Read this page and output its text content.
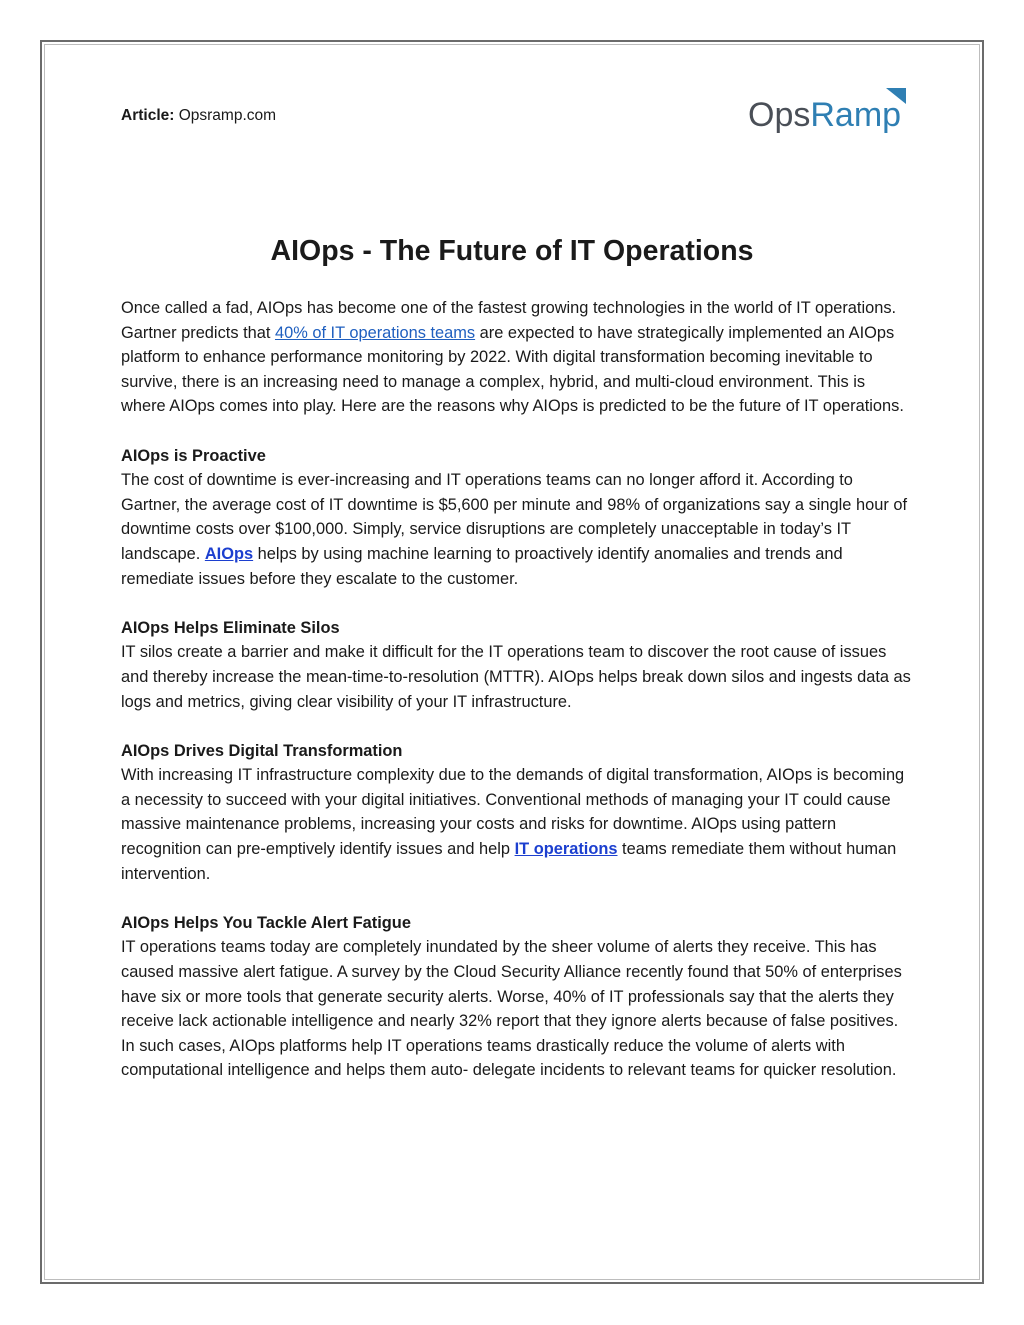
Article: Opsramp.com	OpsRamp
AIOps - The Future of IT Operations

Once called a fad, AIOps has become one of the fastest growing technologies in the world of IT operations. Gartner predicts that 40% of IT operations teams are expected to have strategically implemented an AIOps platform to enhance performance monitoring by 2022. With digital transformation becoming inevitable to survive, there is an increasing need to manage a complex, hybrid, and multi-cloud environment. This is where AIOps comes into play. Here are the reasons why AIOps is predicted to be the future of IT operations.

AIOps is Proactive
The cost of downtime is ever-increasing and IT operations teams can no longer afford it. According to Gartner, the average cost of IT downtime is $5,600 per minute and 98% of organizations say a single hour of downtime costs over $100,000. Simply, service disruptions are completely unacceptable in today’s IT landscape. AIOps helps by using machine learning to proactively identify anomalies and trends and remediate issues before they escalate to the customer.

AIOps Helps Eliminate Silos
IT silos create a barrier and make it difficult for the IT operations team to discover the root cause of issues and thereby increase the mean-time-to-resolution (MTTR). AIOps helps break down silos and ingests data as logs and metrics, giving clear visibility of your IT infrastructure.

AIOps Drives Digital Transformation
With increasing IT infrastructure complexity due to the demands of digital transformation, AIOps is becoming a necessity to succeed with your digital initiatives. Conventional methods of managing your IT could cause massive maintenance problems, increasing your costs and risks for downtime. AIOps using pattern recognition can pre-emptively identify issues and help IT operations teams remediate them without human intervention.

AIOps Helps You Tackle Alert Fatigue
IT operations teams today are completely inundated by the sheer volume of alerts they receive. This has caused massive alert fatigue. A survey by the Cloud Security Alliance recently found that 50% of enterprises have six or more tools that generate security alerts. Worse, 40% of IT professionals say that the alerts they receive lack actionable intelligence and nearly 32% report that they ignore alerts because of false positives. In such cases, AIOps platforms help IT operations teams drastically reduce the volume of alerts with computational intelligence and helps them auto- delegate incidents to relevant teams for quicker resolution.
